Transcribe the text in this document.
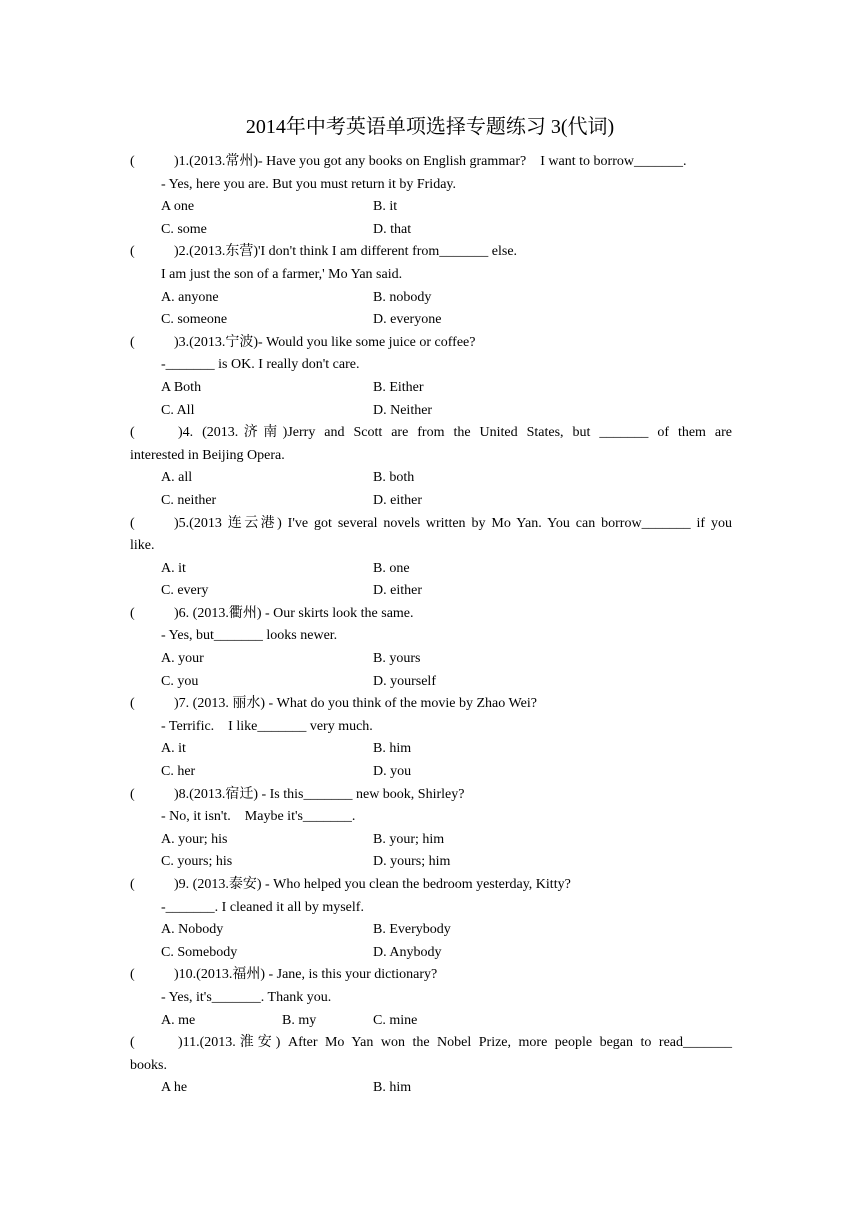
2014年中考英语单项选择专题练习 3(代词)
(	)1.(2013.常州)- Have you got any books on English grammar?　I want to borrow_______.
- Yes, here you are. But you must return it by Friday.
A one	B. it
C. some	D. that
(	)2.(2013.东营)'I don't think I am different from_______ else.
I am just the son of a farmer,' Mo Yan said.
A. anyone	B. nobody
C. someone	D. everyone
(	)3.(2013.宁波)- Would you like some juice or coffee?
-_______ is OK. I really don't care.
A Both	B. Either
C. All	D. Neither
(	)4. (2013.济南)Jerry and Scott are from the United States, but _______ of them are
interested in Beijing Opera.
A. all	B. both
C. neither	D. either
(	)5.(2013 连云港) I've got several novels written by Mo Yan. You can borrow_______ if you
like.
A. it	B. one
C. every	D. either
(	)6. (2013.衢州) - Our skirts look the same.
- Yes, but_______ looks newer.
A. your	B. yours
C. you	D. yourself
(	)7. (2013. 丽水) - What do you think of the movie by Zhao Wei?
- Terrific.　I like_______ very much.
A. it	B. him
C. her	D. you
(	)8.(2013.宿迁) - Is this_______ new book, Shirley?
- No, it isn't.　Maybe it's_______.
A. your; his	B. your; him
C. yours; his	D. yours; him
(	)9. (2013.泰安) - Who helped you clean the bedroom yesterday, Kitty?
-_______. I cleaned it all by myself.
A. Nobody	B. Everybody
C. Somebody	D. Anybody
(	)10.(2013.福州) - Jane, is this your dictionary?
- Yes, it's_______. Thank you.
A. me	B. my	C. mine
(	)11.(2013.淮安) After Mo Yan won the Nobel Prize, more people began to read_______
books.
A he	B. him
